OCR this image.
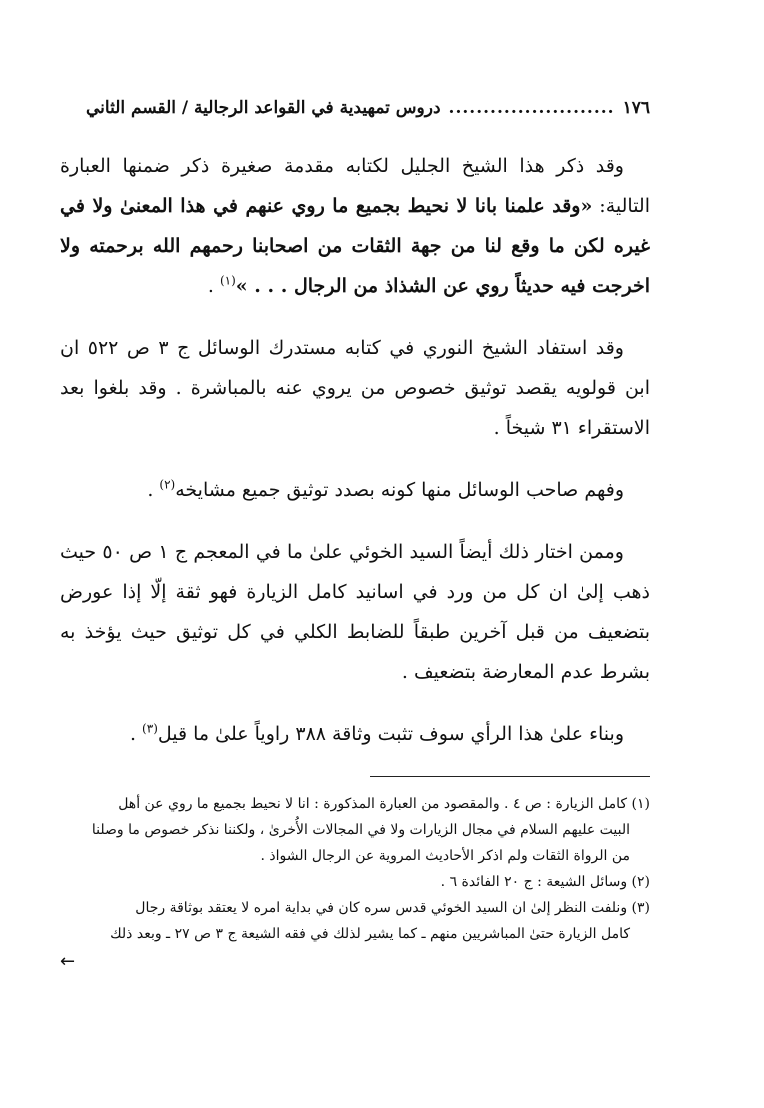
١٧٦
........................
دروس تمهيدية في القواعد الرجالية / القسم الثاني

وقد ذكر هذا الشيخ الجليل لكتابه مقدمة صغيرة ذكر ضمنها العبارة التالية: «وقد علمنا بانا لا نحيط بجميع ما روي عنهم في هذا المعنىٰ ولا في غيره لكن ما وقع لنا من جهة الثقات من اصحابنا رحمهم الله برحمته ولا اخرجت فيه حديثاً روي عن الشذاذ من الرجال . . . »$^{(١)}$ .

وقد استفاد الشيخ النوري في كتابه مستدرك الوسائل ج ٣ ص ٥٢٢ ان ابن قولويه يقصد توثيق خصوص من يروي عنه بالمباشرة . وقد بلغوا بعد الاستقراء ٣١ شيخاً .

وفهم صاحب الوسائل منها كونه بصدد توثيق جميع مشايخه$^{(٢)}$ .

وممن اختار ذلك أيضاً السيد الخوئي علىٰ ما في المعجم ج ١ ص ٥٠ حيث ذهب إلىٰ ان كل من ورد في اسانيد كامل الزيارة فهو ثقة إلّا إذا عورض بتضعيف من قبل آخرين طبقاً للضابط الكلي في كل توثيق حيث يؤخذ به بشرط عدم المعارضة بتضعيف .

وبناء علىٰ هذا الرأي سوف تثبت وثاقة ٣٨٨ راوياً علىٰ ما قيل$^{(٣)}$ .

(١) كامل الزيارة : ص ٤ . والمقصود من العبارة المذكورة : انا لا نحيط بجميع ما روي عن أهل

البيت عليهم السلام في مجال الزيارات ولا في المجالات الأُخرىٰ ، ولكننا نذكر خصوص ما وصلنا

من الرواة الثقات ولم اذكر الأحاديث المروية عن الرجال الشواذ .

(٢) وسائل الشيعة : ج ٢٠ الفائدة ٦ .

(٣) ونلفت النظر إلىٰ ان السيد الخوئي قدس سره كان في بداية امره لا يعتقد بوثاقة رجال

كامل الزيارة حتىٰ المباشريين منهم ـ كما يشير لذلك في فقه الشيعة ج ٣ ص ٢٧ ـ وبعد ذلك

←
